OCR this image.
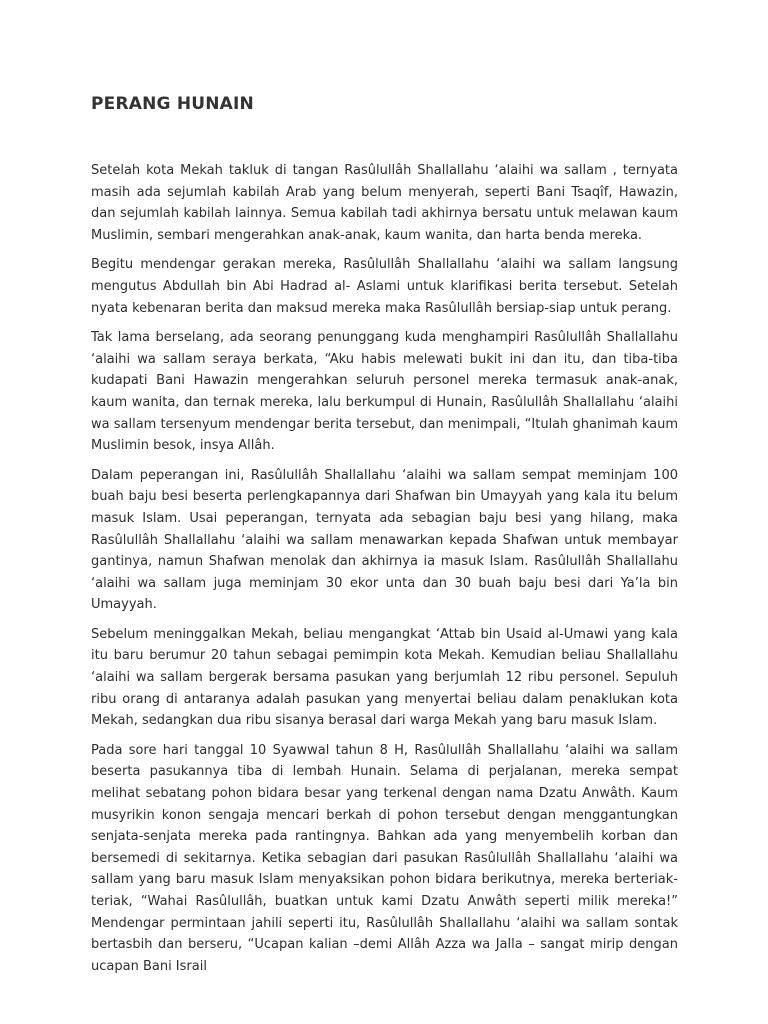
PERANG HUNAIN

Setelah kota Mekah takluk di tangan Rasûlullâh Shallallahu ‘alaihi wa sallam , ternyata masih ada sejumlah kabilah Arab yang belum menyerah, seperti Bani Tsaqîf, Hawazin, dan sejumlah kabilah lainnya. Semua kabilah tadi akhirnya bersatu untuk melawan kaum Muslimin, sembari mengerahkan anak-anak, kaum wanita, dan harta benda mereka.

Begitu mendengar gerakan mereka, Rasûlullâh Shallallahu ‘alaihi wa sallam langsung mengutus Abdullah bin Abi Hadrad al- Aslami untuk klarifikasi berita tersebut. Setelah nyata kebenaran berita dan maksud mereka maka Rasûlullâh bersiap-siap untuk perang.

Tak lama berselang, ada seorang penunggang kuda menghampiri Rasûlullâh Shallallahu ‘alaihi wa sallam seraya berkata, “Aku habis melewati bukit ini dan itu, dan tiba-tiba kudapati Bani Hawazin mengerahkan seluruh personel mereka termasuk anak-anak, kaum wanita, dan ternak mereka, lalu berkumpul di Hunain, Rasûlullâh Shallallahu ‘alaihi wa sallam tersenyum mendengar berita tersebut, dan menimpali, “Itulah ghanimah kaum Muslimin besok, insya Allâh.

Dalam peperangan ini, Rasûlullâh Shallallahu ‘alaihi wa sallam sempat meminjam 100 buah baju besi beserta perlengkapannya dari Shafwan bin Umayyah yang kala itu belum masuk Islam. Usai peperangan, ternyata ada sebagian baju besi yang hilang, maka Rasûlullâh Shallallahu ‘alaihi wa sallam menawarkan kepada Shafwan untuk membayar gantinya, namun Shafwan menolak dan akhirnya ia masuk Islam. Rasûlullâh Shallallahu ‘alaihi wa sallam juga meminjam 30 ekor unta dan 30 buah baju besi dari Ya’la bin Umayyah.

Sebelum meninggalkan Mekah, beliau mengangkat ‘Attab bin Usaid al-Umawi yang kala itu baru berumur 20 tahun sebagai pemimpin kota Mekah. Kemudian beliau Shallallahu ‘alaihi wa sallam bergerak bersama pasukan yang berjumlah 12 ribu personel. Sepuluh ribu orang di antaranya adalah pasukan yang menyertai beliau dalam penaklukan kota Mekah, sedangkan dua ribu sisanya berasal dari warga Mekah yang baru masuk Islam.

Pada sore hari tanggal 10 Syawwal tahun 8 H, Rasûlullâh Shallallahu ‘alaihi wa sallam beserta pasukannya tiba di lembah Hunain. Selama di perjalanan, mereka sempat melihat sebatang pohon bidara besar yang terkenal dengan nama Dzatu Anwâth. Kaum musyrikin konon sengaja mencari berkah di pohon tersebut dengan menggantungkan senjata-senjata mereka pada rantingnya. Bahkan ada yang menyembelih korban dan bersemedi di sekitarnya. Ketika sebagian dari pasukan Rasûlullâh Shallallahu ‘alaihi wa sallam yang baru masuk Islam menyaksikan pohon bidara berikutnya, mereka berteriak-teriak, “Wahai Rasûlullâh, buatkan untuk kami Dzatu Anwâth seperti milik mereka!” Mendengar permintaan jahili seperti itu, Rasûlullâh Shallallahu ‘alaihi wa sallam sontak bertasbih dan berseru, “Ucapan kalian –demi Allâh Azza wa Jalla – sangat mirip dengan ucapan Bani Israil
